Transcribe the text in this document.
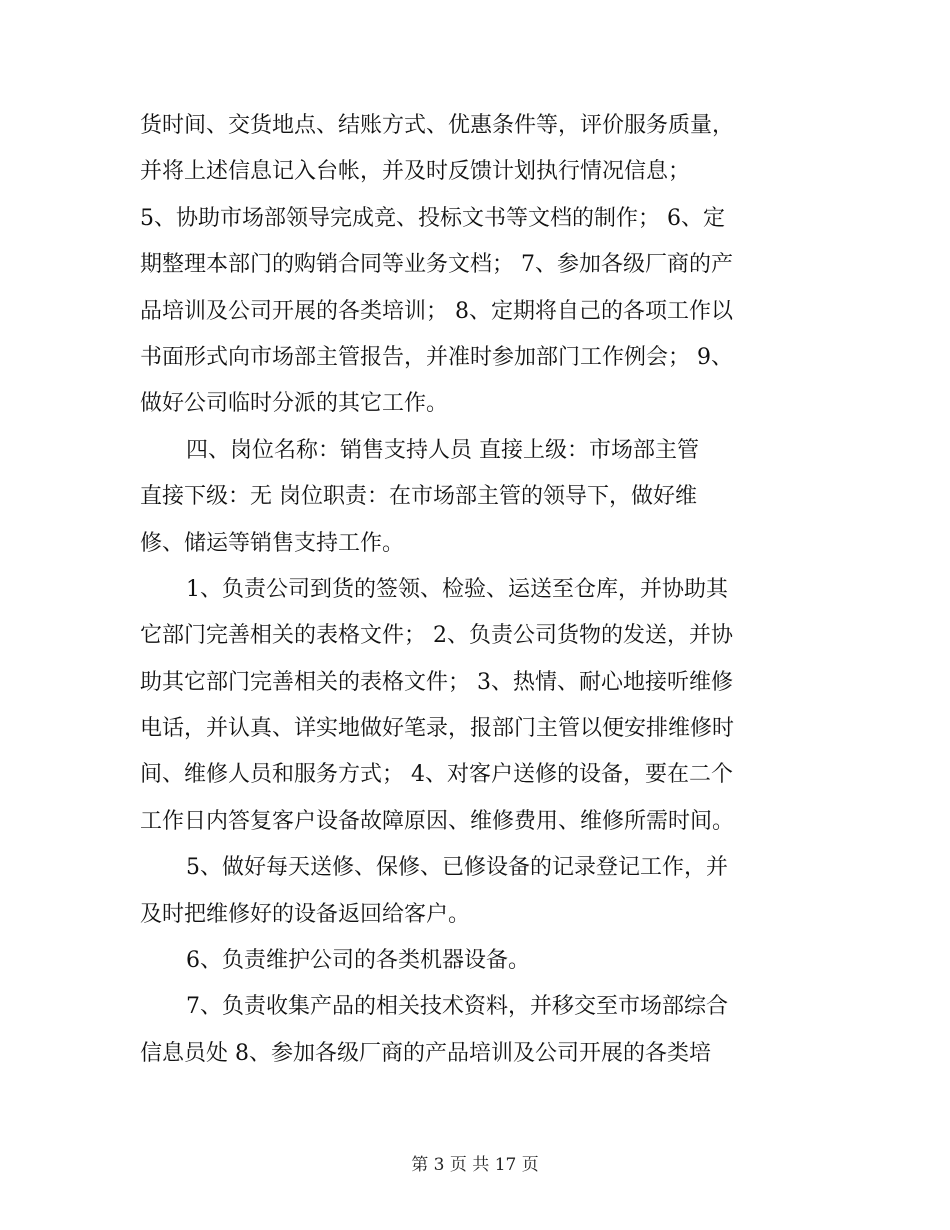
货时间、交货地点、结账方式、优惠条件等，评价服务质量，
并将上述信息记入台帐，并及时反馈计划执行情况信息；
5、协助市场部领导完成竞、投标文书等文档的制作； 6、定
期整理本部门的购销合同等业务文档； 7、参加各级厂商的产
品培训及公司开展的各类培训； 8、定期将自己的各项工作以
书面形式向市场部主管报告，并准时参加部门工作例会； 9、
做好公司临时分派的其它工作。
四、岗位名称：销售支持人员 直接上级：市场部主管
直接下级：无 岗位职责：在市场部主管的领导下，做好维
修、储运等销售支持工作。
1、负责公司到货的签领、检验、运送至仓库，并协助其
它部门完善相关的表格文件； 2、负责公司货物的发送，并协
助其它部门完善相关的表格文件； 3、热情、耐心地接听维修
电话，并认真、详实地做好笔录，报部门主管以便安排维修时
间、维修人员和服务方式； 4、对客户送修的设备，要在二个
工作日内答复客户设备故障原因、维修费用、维修所需时间。
5、做好每天送修、保修、已修设备的记录登记工作，并
及时把维修好的设备返回给客户。
6、负责维护公司的各类机器设备。
7、负责收集产品的相关技术资料，并移交至市场部综合
信息员处 8、参加各级厂商的产品培训及公司开展的各类培
第 3 页 共 17 页
